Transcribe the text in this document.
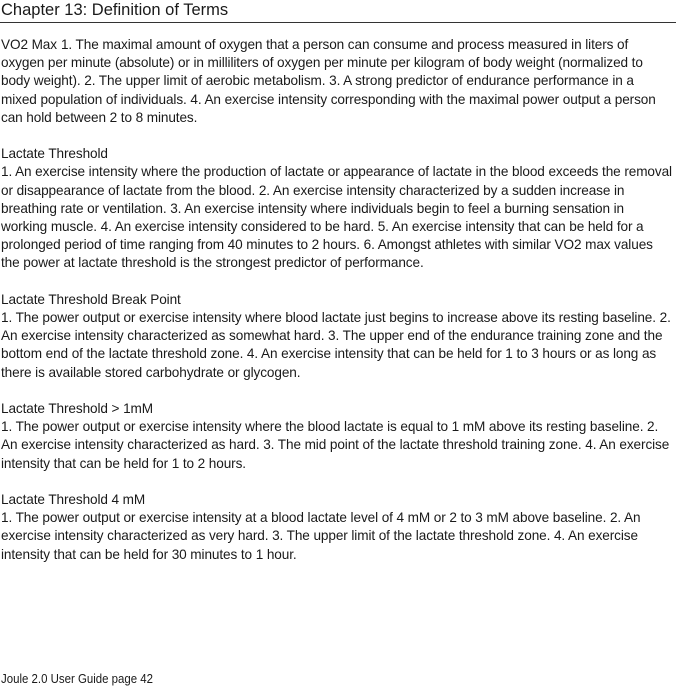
Chapter 13: Definition of Terms

VO2 Max 1. The maximal amount of oxygen that a person can consume and process measured in liters of oxygen per minute (absolute) or in milliliters of oxygen per minute per kilogram of body weight (normalized to body weight). 2. The upper limit of aerobic metabolism. 3. A strong predictor of endurance performance in a mixed population of individuals. 4. An exercise intensity corresponding with the maximal power output a person can hold between 2 to 8 minutes.

Lactate Threshold

1. An exercise intensity where the production of lactate or appearance of lactate in the blood exceeds the removal or disappearance of lactate from the blood. 2. An exercise intensity characterized by a sudden increase in breathing rate or ventilation. 3. An exercise intensity where individuals begin to feel a burning sensation in working muscle. 4. An exercise intensity considered to be hard. 5. An exercise intensity that can be held for a prolonged period of time ranging from 40 minutes to 2 hours. 6. Amongst athletes with similar VO2 max values the power at lactate threshold is the strongest predictor of performance.

Lactate Threshold Break Point

1. The power output or exercise intensity where blood lactate just begins to increase above its resting baseline. 2. An exercise intensity characterized as somewhat hard. 3. The upper end of the endurance training zone and the bottom end of the lactate threshold zone. 4. An exercise intensity that can be held for 1 to 3 hours or as long as there is available stored carbohydrate or glycogen.

Lactate Threshold > 1mM

1. The power output or exercise intensity where the blood lactate is equal to 1 mM above its resting baseline. 2. An exercise intensity characterized as hard. 3. The mid point of the lactate threshold training zone. 4. An exercise intensity that can be held for 1 to 2 hours.

Lactate Threshold 4 mM

1. The power output or exercise intensity at a blood lactate level of 4 mM or 2 to 3 mM above baseline. 2. An exercise intensity characterized as very hard. 3. The upper limit of the lactate threshold zone. 4. An exercise intensity that can be held for 30 minutes to 1 hour.

Joule 2.0 User Guide page 42
